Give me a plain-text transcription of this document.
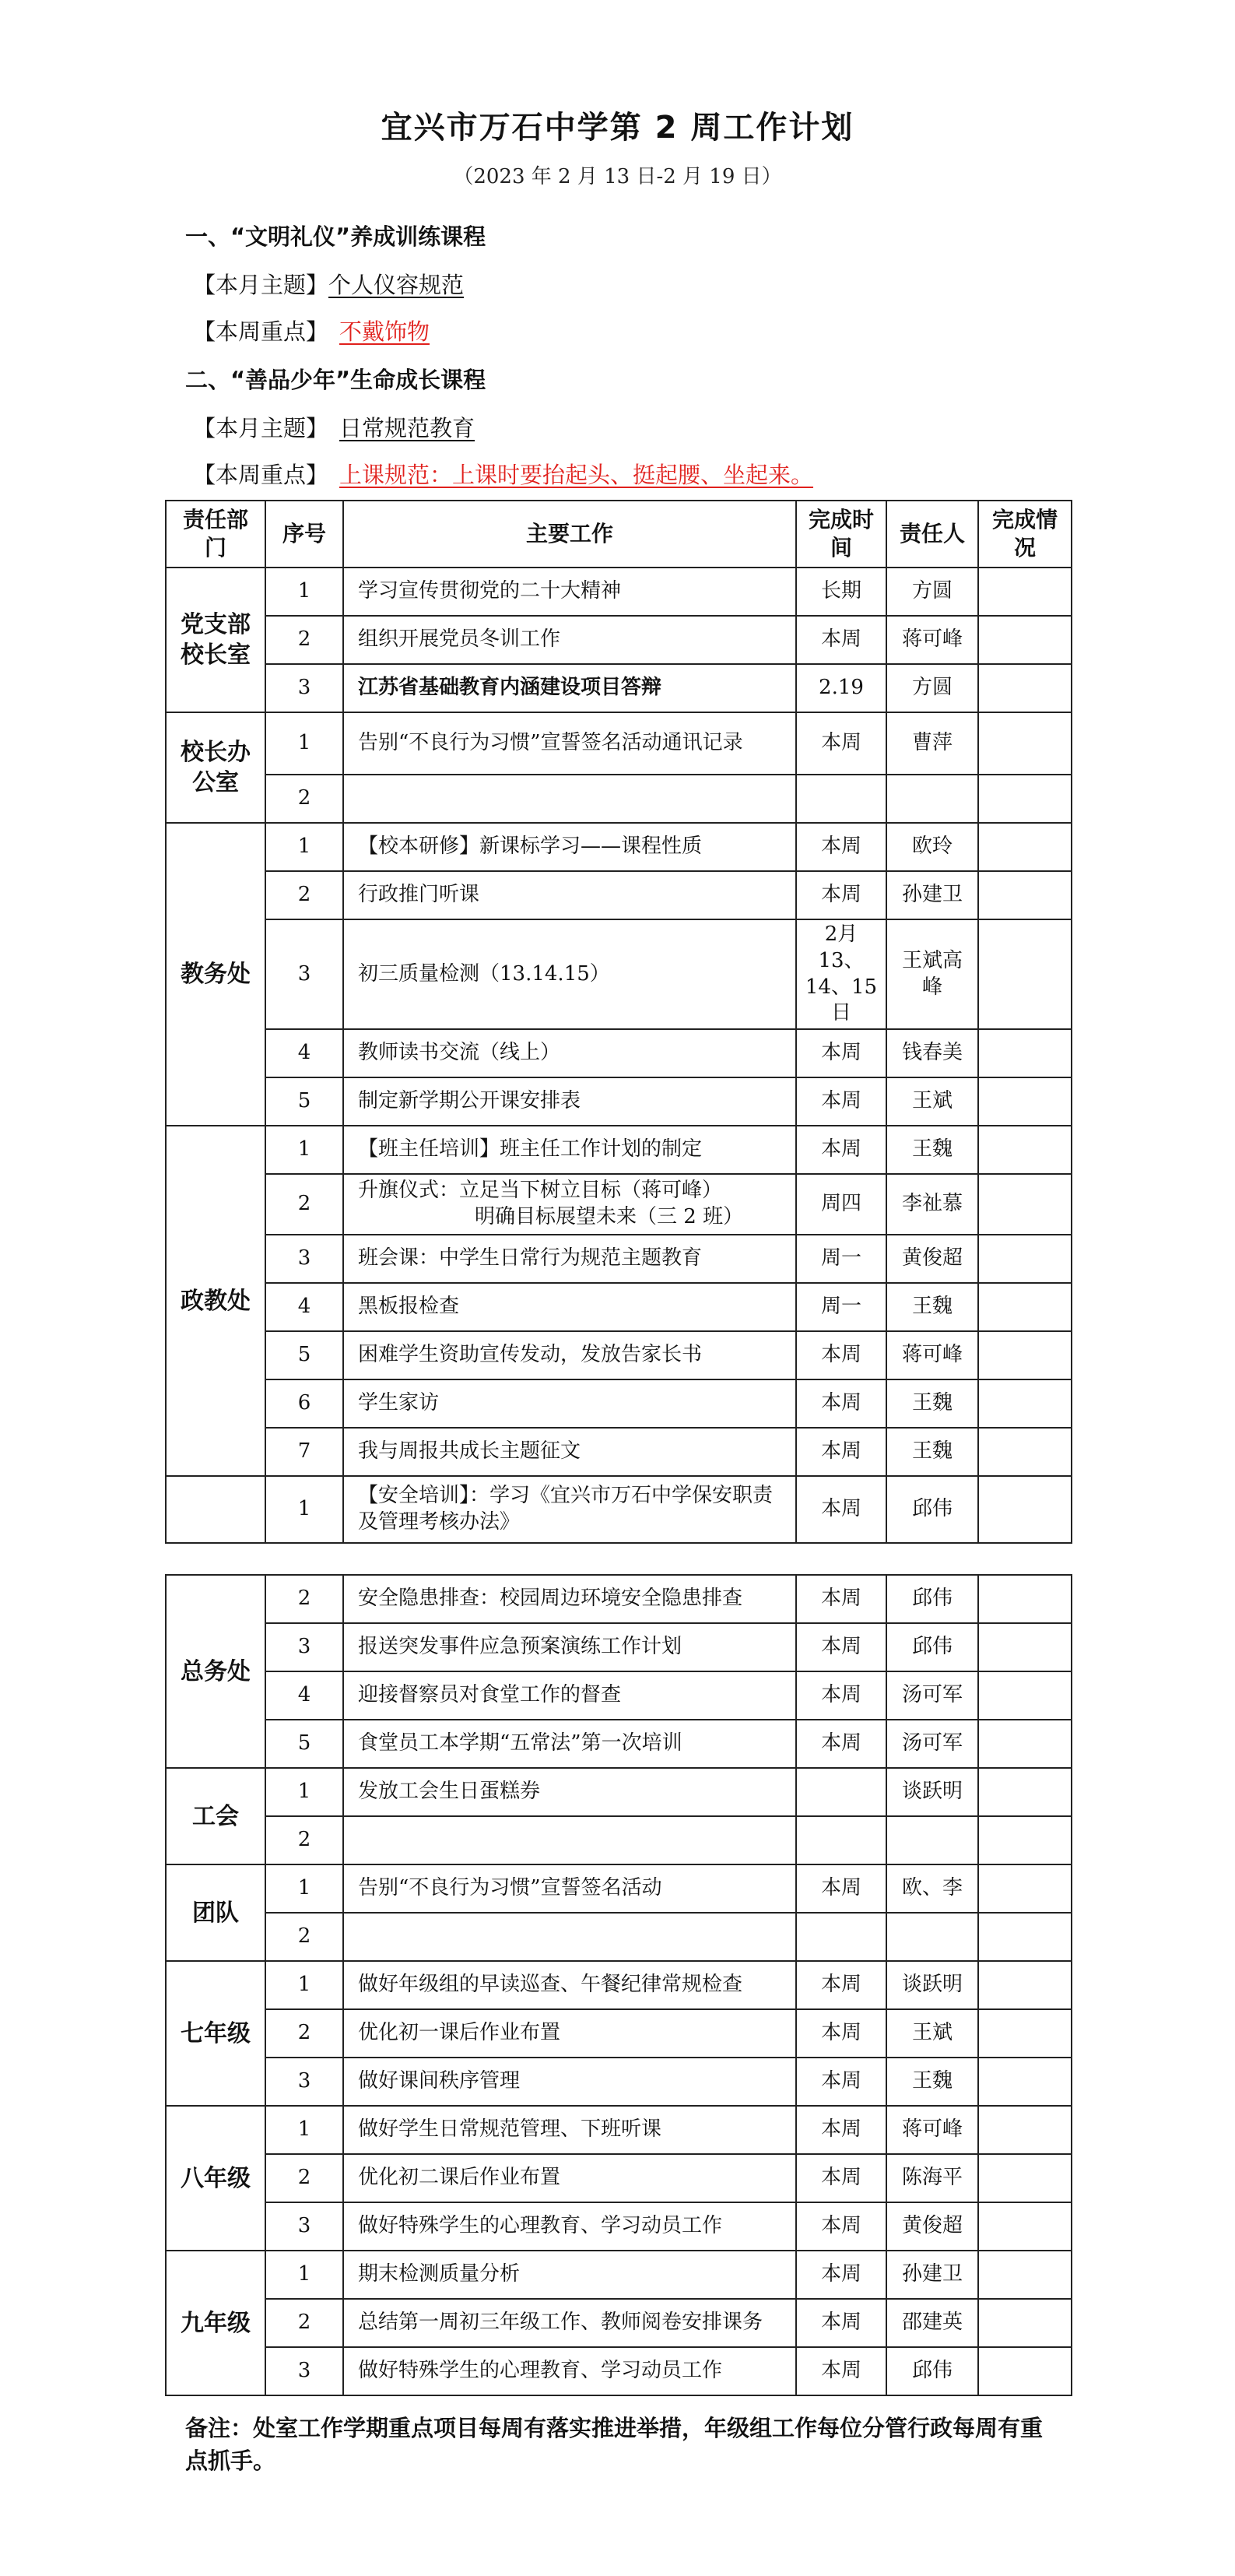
宜兴市万石中学第 2 周工作计划
（2023 年 2 月 13 日-2 月 19 日）
一、“文明礼仪”养成训练课程
【本月主题】个人仪容规范
【本周重点】 不戴饰物
二、“善品少年”生命成长课程
【本月主题】 日常规范教育
【本周重点】 上课规范：上课时要抬起头、挺起腰、坐起来。
责任部门	序号	主要工作	完成时间	责任人	完成情况
党支部校长室	1	学习宣传贯彻党的二十大精神	长期	方圆	
	2	组织开展党员冬训工作	本周	蒋可峰	
	3	江苏省基础教育内涵建设项目答辩	2.19	方圆	
校长办公室	1	告别“不良行为习惯”宣誓签名活动通讯记录	本周	曹萍	
	2				
教务处	1	【校本研修】新课标学习——课程性质	本周	欧玲	
	2	行政推门听课	本周	孙建卫	
	3	初三质量检测（13.14.15）	2月13、14、15日	王斌高峰	
	4	教师读书交流（线上）	本周	钱春美	
	5	制定新学期公开课安排表	本周	王斌	
政教处	1	【班主任培训】班主任工作计划的制定	本周	王魏	
	2	升旗仪式：立足当下树立目标（蒋可峰）
明确目标展望未来（三 2 班）	周四	李祉慕	
	3	班会课：中学生日常行为规范主题教育	周一	黄俊超	
	4	黑板报检查	周一	王魏	
	5	困难学生资助宣传发动，发放告家长书	本周	蒋可峰	
	6	学生家访	本周	王魏	
	7	我与周报共成长主题征文	本周	王魏	
	1	【安全培训】：学习《宜兴市万石中学保安职责及管理考核办法》	本周	邱伟	
总务处	2	安全隐患排查：校园周边环境安全隐患排查	本周	邱伟	
	3	报送突发事件应急预案演练工作计划	本周	邱伟	
	4	迎接督察员对食堂工作的督查	本周	汤可军	
	5	食堂员工本学期“五常法”第一次培训	本周	汤可军	
工会	1	发放工会生日蛋糕券		谈跃明	
	2				
团队	1	告别“不良行为习惯”宣誓签名活动	本周	欧、李	
	2				
七年级	1	做好年级组的早读巡查、午餐纪律常规检查	本周	谈跃明	
	2	优化初一课后作业布置	本周	王斌	
	3	做好课间秩序管理	本周	王魏	
八年级	1	做好学生日常规范管理、下班听课	本周	蒋可峰	
	2	优化初二课后作业布置	本周	陈海平	
	3	做好特殊学生的心理教育、学习动员工作	本周	黄俊超	
九年级	1	期末检测质量分析	本周	孙建卫	
	2	总结第一周初三年级工作、教师阅卷安排课务	本周	邵建英	
	3	做好特殊学生的心理教育、学习动员工作	本周	邱伟	
备注：处室工作学期重点项目每周有落实推进举措，年级组工作每位分管行政每周有重点抓手。
